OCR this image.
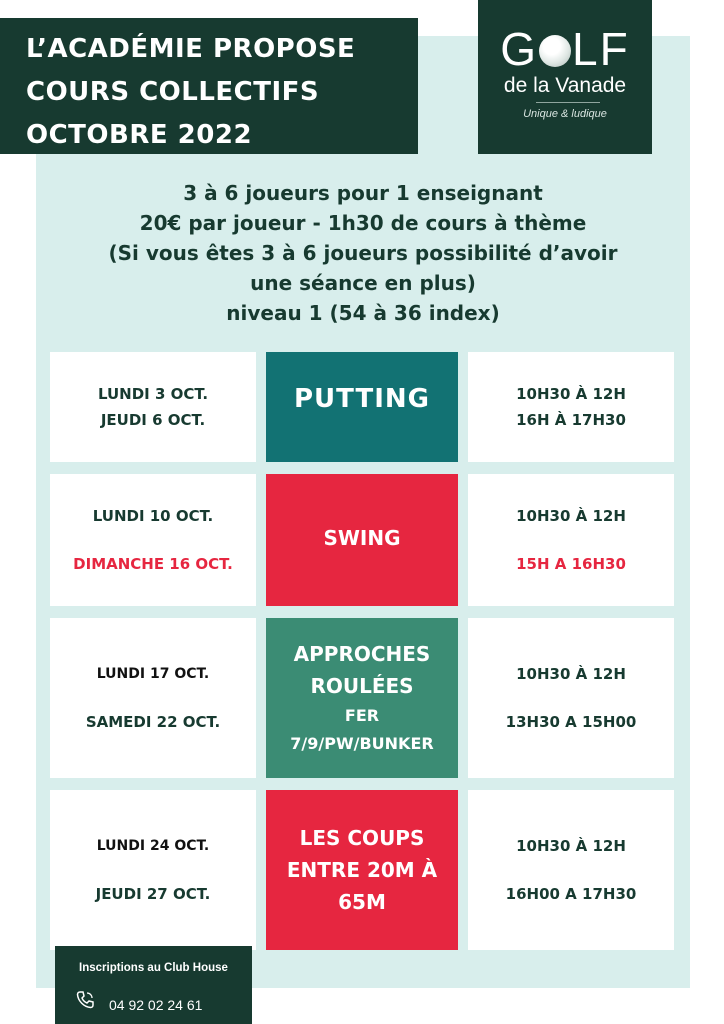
L’ACADÉMIE PROPOSE
COURS COLLECTIFS
OCTOBRE 2022
G LF
de la Vanade
Unique & ludique
3 à 6 joueurs pour 1 enseignant
20€ par joueur - 1h30 de cours à thème
(Si vous êtes 3 à 6 joueurs possibilité d’avoir
une séance en plus)
niveau 1 (54 à 36 index)
LUNDI 3 OCT.
JEUDI 6 OCT.
PUTTING	10H30 À 12H
16H À 17H30
LUNDI 10 OCT.
DIMANCHE 16 OCT.
SWING
10H30 À 12H
15H A 16H30
LUNDI 17 OCT.
SAMEDI 22 OCT.
APPROCHES
ROULÉES
FER
7/9/PW/BUNKER
10H30 À 12H
13H30 A 15H00
LUNDI 24 OCT.
JEUDI 27 OCT.
LES COUPS
ENTRE 20M À
65M
10H30 À 12H
16H00 A 17H30
Inscriptions au Club House
04 92 02 24 61
